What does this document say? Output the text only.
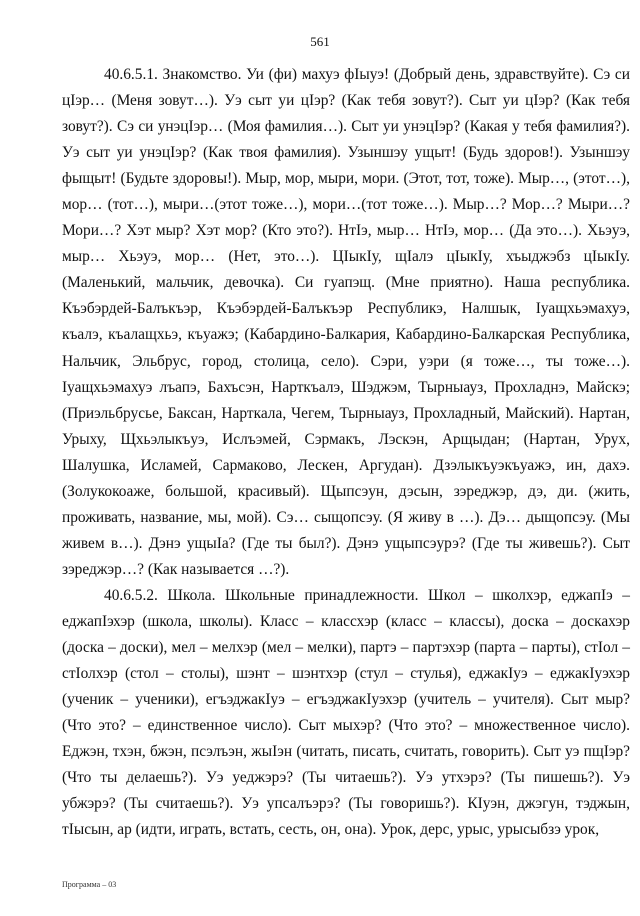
561

40.6.5.1. Знакомство. Уи (фи) махуэ фIыуэ! (Добрый день, здравствуйте). Сэ си цIэр… (Меня зовут…). Уэ сыт уи цIэр? (Как тебя зовут?). Сыт уи цIэр? (Как тебя зовут?). Сэ си унэцIэр… (Моя фамилия…). Сыт уи унэцIэр? (Какая у тебя фамилия?). Уэ сыт уи унэцIэр? (Как твоя фамилия). Узыншэу ущыт! (Будь здоров!). Узыншэу фыщыт! (Будьте здоровы!). Мыр, мор, мыри, мори. (Этот, тот, тоже). Мыр…, (этот…), мор… (тот…), мыри…(этот тоже…), мори…(тот тоже…). Мыр…? Мор…? Мыри…? Мори…? Хэт мыр? Хэт мор? (Кто это?). НтIэ, мыр… НтIэ, мор… (Да это…). Хьэуэ, мыр… Хьэуэ, мор… (Нет, это…). ЦIыкIу, щIалэ цIыкIу, хъыджэбз цIыкIу. (Маленький, мальчик, девочка). Си гуапэщ. (Мне приятно). Наша республика. Къэбэрдей-Балъкъэр, Къэбэрдей-Балъкъэр Республикэ, Налшык, Iуащхьэмахуэ, къалэ, къалащхьэ, къуажэ; (Кабардино-Балкария, Кабардино-Балкарская Республика, Нальчик, Эльбрус, город, столица, село). Сэри, уэри (я тоже…, ты тоже…). Iуащхьэмахуэ лъапэ, Бахъсэн, Нарткъалэ, Шэджэм, Тырныауз, Прохладнэ, Майскэ; (Приэльбрусье, Баксан, Нарткала, Чегем, Тырныауз, Прохладный, Майский). Нартан, Урыху, Щхьэлыкъуэ, Ислъэмей, Сэрмакъ, Лэскэн, Арщыдан; (Нартан, Урух, Шалушка, Исламей, Сармаково, Лескен, Аргудан). Дзэлыкъуэкъуажэ, ин, дахэ. (Золукокоаже, большой, красивый). Щыпсэун, дэсын, зэреджэр, дэ, ди. (жить, проживать, название, мы, мой). Сэ… сыщопсэу. (Я живу в …). Дэ… дыщопсэу. (Мы живем в…). Дэнэ ущыIа? (Где ты был?). Дэнэ ущыпсэурэ? (Где ты живешь?). Сыт зэреджэр…? (Как называется …?).

40.6.5.2. Школа. Школьные принадлежности. Школ – школхэр, еджапIэ – еджапIэхэр (школа, школы). Класс – классхэр (класс – классы), доска – доскахэр (доска – доски), мел – мелхэр (мел – мелки), партэ – партэхэр (парта – парты), стIол – стIолхэр (стол – столы), шэнт – шэнтхэр (стул – стулья), еджакIуэ – еджакIуэхэр (ученик – ученики), егъэджакIуэ – егъэджакIуэхэр (учитель – учителя). Сыт мыр? (Что это? – единственное число). Сыт мыхэр? (Что это? – множественное число). Еджэн, тхэн, бжэн, псэлъэн, жыIэн (читать, писать, считать, говорить). Сыт уэ пщIэр? (Что ты делаешь?). Уэ уеджэрэ? (Ты читаешь?). Уэ утхэрэ? (Ты пишешь?). Уэ убжэрэ? (Ты считаешь?). Уэ упсалъэрэ? (Ты говоришь?). КIуэн, джэгун, тэджын, тIысын, ар (идти, играть, встать, сесть, он, она). Урок, дерс, урыс, урысыбзэ урок,

Программа – 03
